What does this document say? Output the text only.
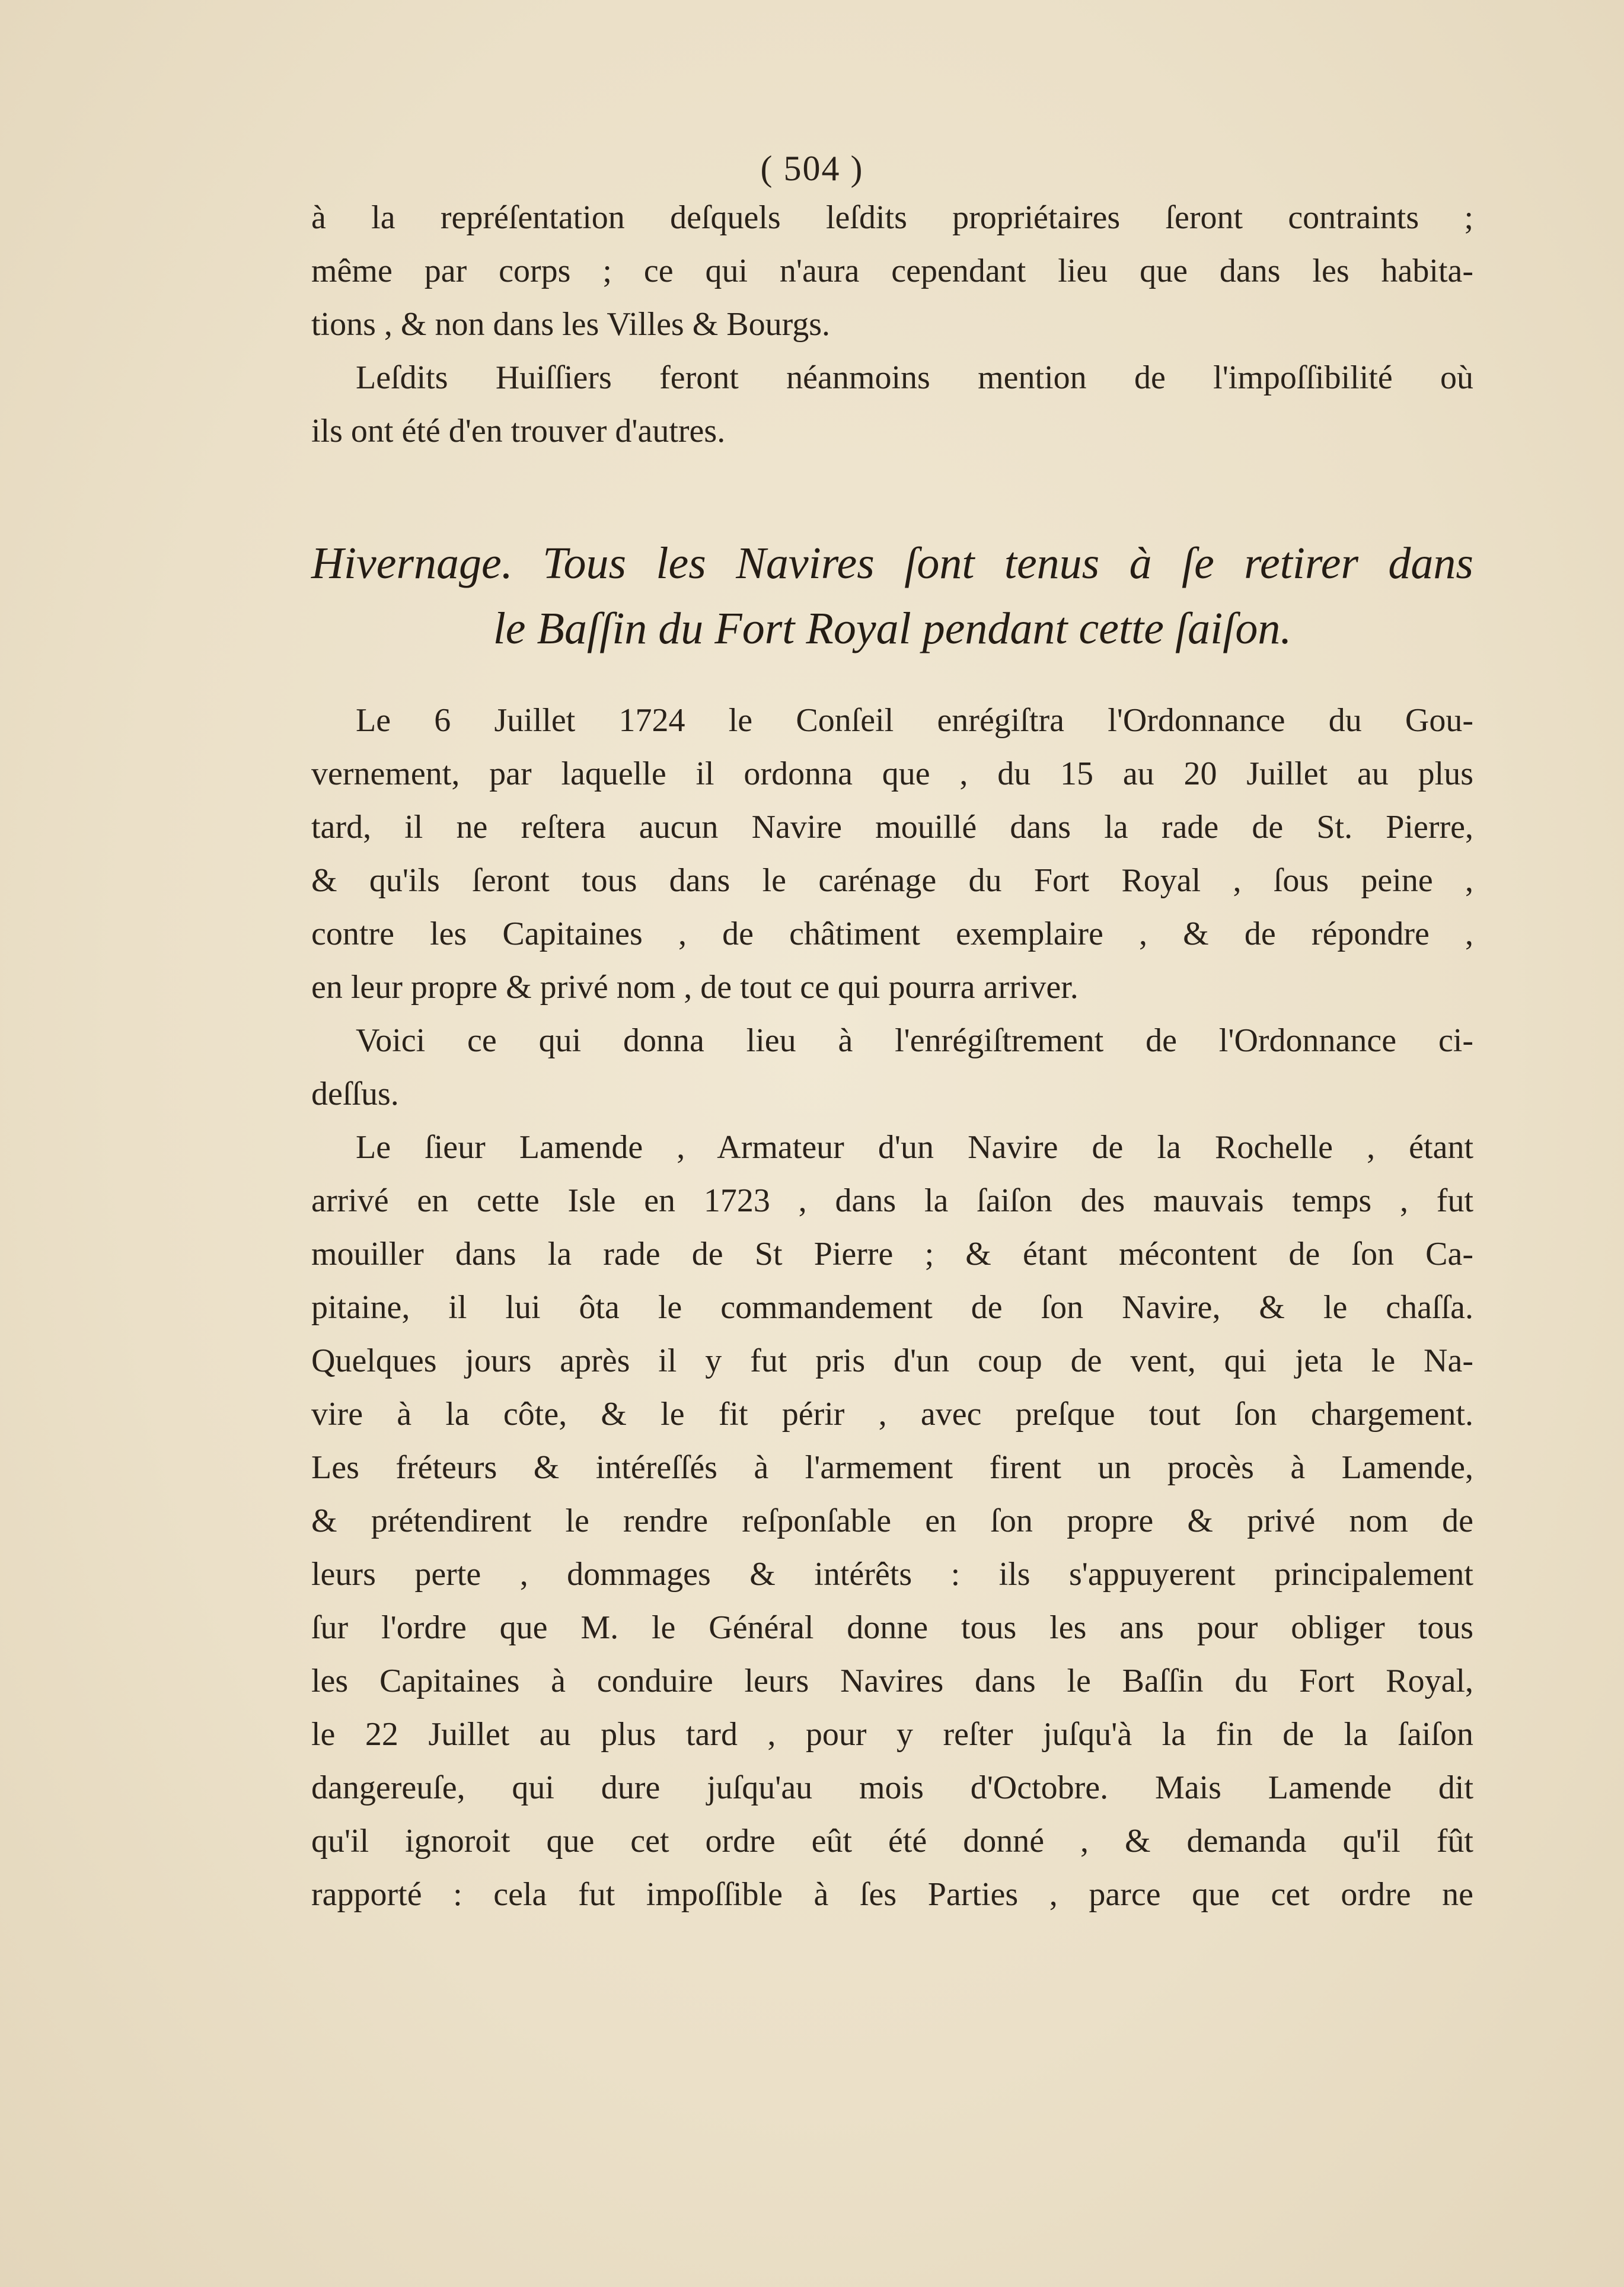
( 504 )
à la repréſentation deſquels leſdits propriétaires ſeront contraints ;
même par corps ; ce qui n'aura cependant lieu que dans les habita-
tions , & non dans les Villes & Bourgs.
Leſdits Huiſſiers feront néanmoins mention de l'impoſſibilité où
ils ont été d'en trouver d'autres.
Hivernage. Tous les Navires ſont tenus à ſe retirer dans
le Baſſin du Fort Royal pendant cette ſaiſon.
Le 6 Juillet 1724 le Conſeil enrégiſtra l'Ordonnance du Gou-
vernement, par laquelle il ordonna que , du 15 au 20 Juillet au plus
tard, il ne reſtera aucun Navire mouillé dans la rade de St. Pierre,
& qu'ils ſeront tous dans le carénage du Fort Royal , ſous peine ,
contre les Capitaines , de châtiment exemplaire , & de répondre ,
en leur propre & privé nom , de tout ce qui pourra arriver.
Voici ce qui donna lieu à l'enrégiſtrement de l'Ordonnance ci-
deſſus.
Le ſieur Lamende , Armateur d'un Navire de la Rochelle , étant
arrivé en cette Isle en 1723 , dans la ſaiſon des mauvais temps , fut
mouiller dans la rade de St Pierre ; & étant mécontent de ſon Ca-
pitaine, il lui ôta le commandement de ſon Navire, & le chaſſa.
Quelques jours après il y fut pris d'un coup de vent, qui jeta le Na-
vire à la côte, & le fit périr , avec preſque tout ſon chargement.
Les fréteurs & intéreſſés à l'armement firent un procès à Lamende,
& prétendirent le rendre reſponſable en ſon propre & privé nom de
leurs perte , dommages & intérêts : ils s'appuyerent principalement
ſur l'ordre que M. le Général donne tous les ans pour obliger tous
les Capitaines à conduire leurs Navires dans le Baſſin du Fort Royal,
le 22 Juillet au plus tard , pour y reſter juſqu'à la fin de la ſaiſon
dangereuſe, qui dure juſqu'au mois d'Octobre. Mais Lamende dit
qu'il ignoroit que cet ordre eût été donné , & demanda qu'il fût
rapporté : cela fut impoſſible à ſes Parties , parce que cet ordre ne
